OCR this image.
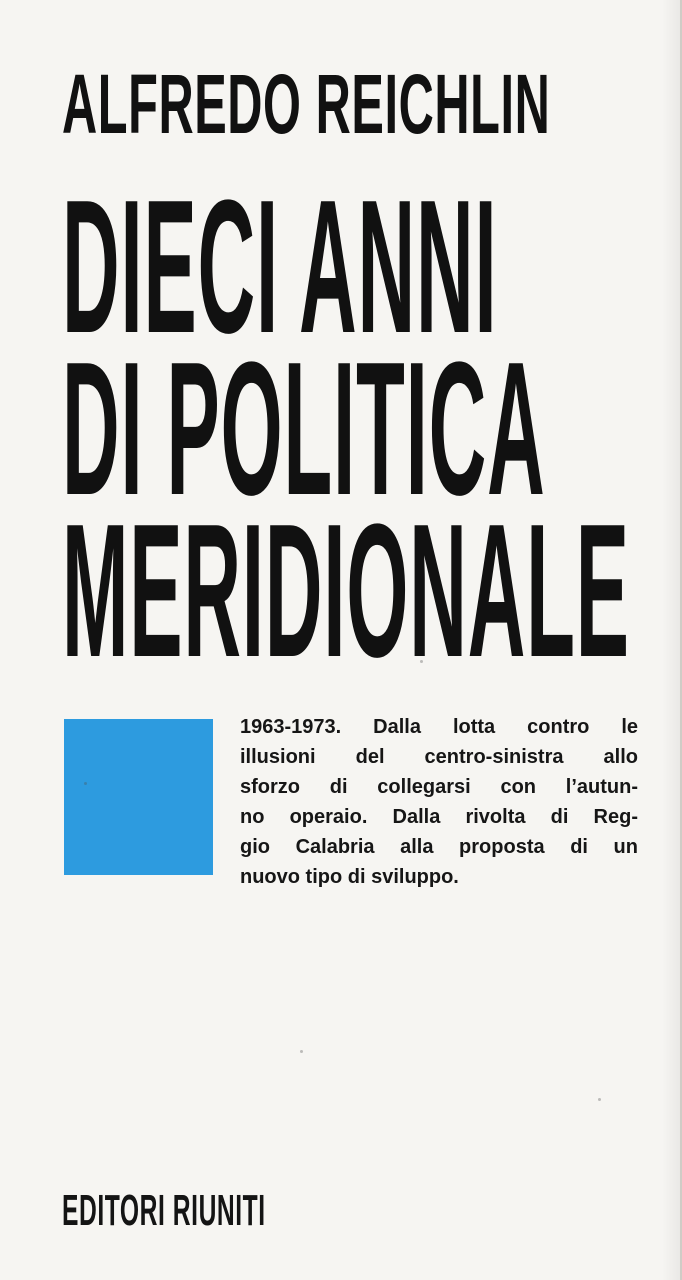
ALFREDO REICHLIN
DIECI ANNI
DI POLITICA
MERIDIONALE

1963-1973. Dalla lotta contro le
illusioni del centro-sinistra allo
sforzo di collegarsi con l’autun-
no operaio. Dalla rivolta di Reg-
gio Calabria alla proposta di un
nuovo tipo di sviluppo.

EDITORI RIUNITI
